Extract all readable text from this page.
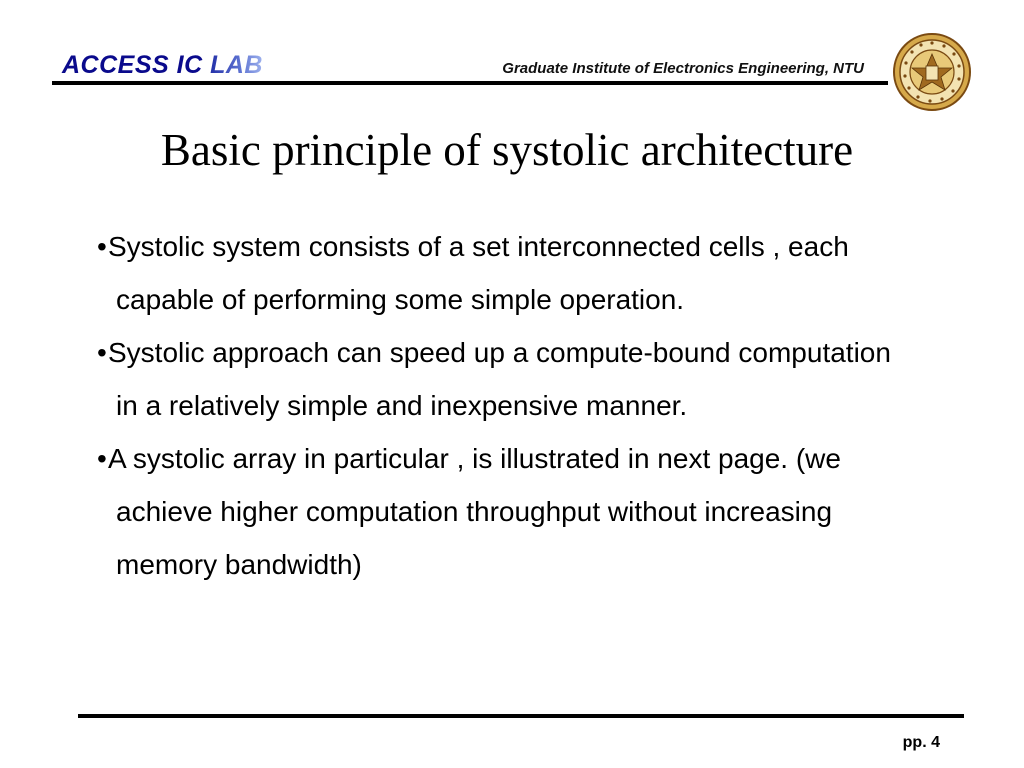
ACCESS IC LAB	Graduate Institute of Electronics Engineering, NTU
Basic principle of systolic architecture
•Systolic system consists of a set interconnected cells , each capable of performing some simple operation.
•Systolic approach can speed up a compute-bound computation in a relatively simple and inexpensive manner.
•A systolic array in particular , is illustrated in next page. (we achieve higher computation throughput without increasing memory bandwidth)
pp. 4
